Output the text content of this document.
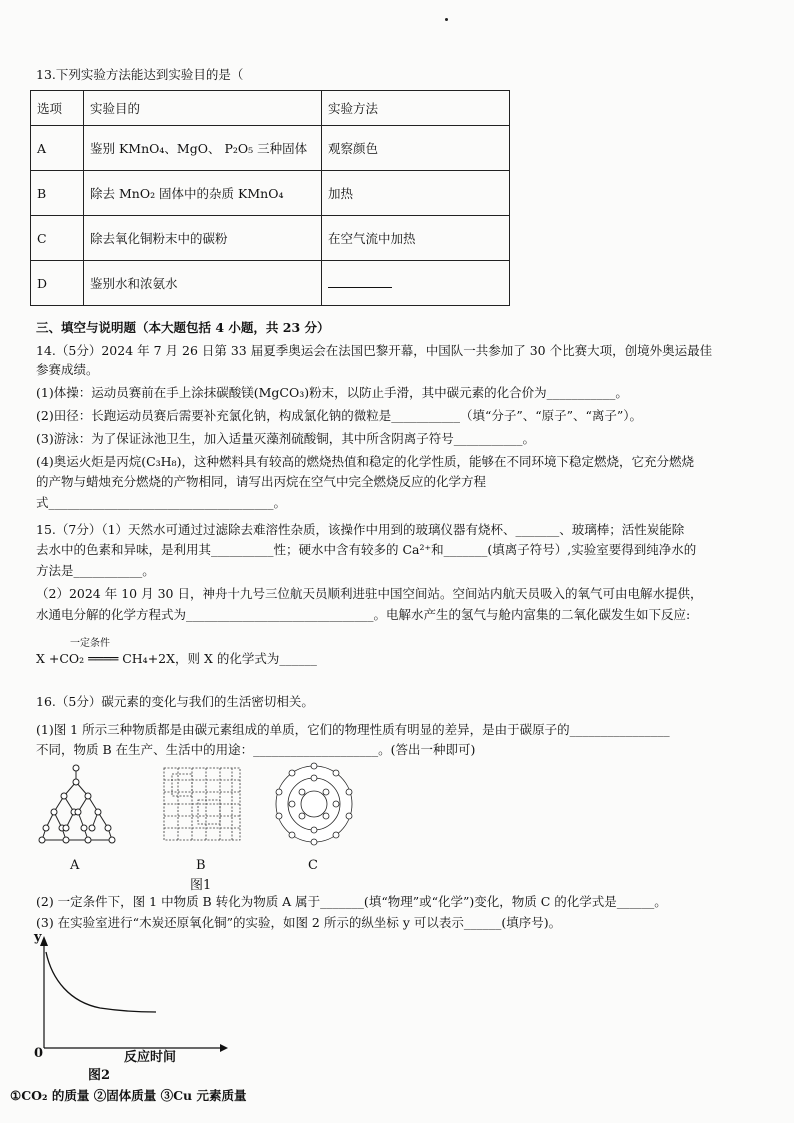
13.下列实验方法能达到实验目的是（
选项	实验目的	实验方法
A	鉴别 KMnO₄、MgO、 P₂O₅ 三种固体	观察颜色
B	除去 MnO₂ 固体中的杂质 KMnO₄	加热
C	除去氧化铜粉末中的碳粉	在空气流中加热
D	鉴别水和浓氨水	
三、填空与说明题（本大题包括 4 小题，共 23 分）
14.（5分）2024 年 7 月 26 日第 33 届夏季奥运会在法国巴黎开幕，中国队一共参加了 30 个比赛大项，创境外奥运最佳
参赛成绩。
(1)体操：运动员赛前在手上涂抹碳酸镁(MgCO₃)粉末，以防止手滑，其中碳元素的化合价为___________。
(2)田径：长跑运动员赛后需要补充氯化钠，构成氯化钠的微粒是___________（填“分子”、“原子”、“离子”）。
(3)游泳：为了保证泳池卫生，加入适量灭藻剂硫酸铜，其中所含阴离子符号___________。
(4)奥运火炬是丙烷(C₃H₈)，这种燃料具有较高的燃烧热值和稳定的化学性质，能够在不同环境下稳定燃烧，它充分燃烧
的产物与蜡烛充分燃烧的产物相同，请写出丙烷在空气中完全燃烧反应的化学方程
式____________________________________。
15.（7分）（1）天然水可通过过滤除去难溶性杂质，该操作中用到的玻璃仪器有烧杯、_______、玻璃棒；活性炭能除
去水中的色素和异味，是利用其__________性；硬水中含有较多的 Ca²⁺和_______(填离子符号）,实验室要得到纯净水的
方法是___________。
（2）2024 年 10 月 30 日，神舟十九号三位航天员顺利进驻中国空间站。空间站内航天员吸入的氧气可由电解水提供，
水通电分解的化学方程式为______________________________。电解水产生的氢气与舱内富集的二氧化碳发生如下反应:
一定条件
X +CO₂ ════ CH₄+2X，则 X 的化学式为______
16.（5分）碳元素的变化与我们的生活密切相关。
(1)图 1 所示三种物质都是由碳元素组成的单质，它们的物理性质有明显的差异，是由于碳原子的________________
不同，物质 B 在生产、生活中的用途：____________________。(答出一种即可)
A	B	C
图1
(2) 一定条件下，图 1 中物质 B 转化为物质 A 属于_______(填“物理”或“化学”)变化，物质 C 的化学式是______。
(3) 在实验室进行“木炭还原氧化铜”的实验，如图 2 所示的纵坐标 y 可以表示______(填序号)。
y
0	反应时间
图2
①CO₂ 的质量 ②固体质量 ③Cu 元素质量
